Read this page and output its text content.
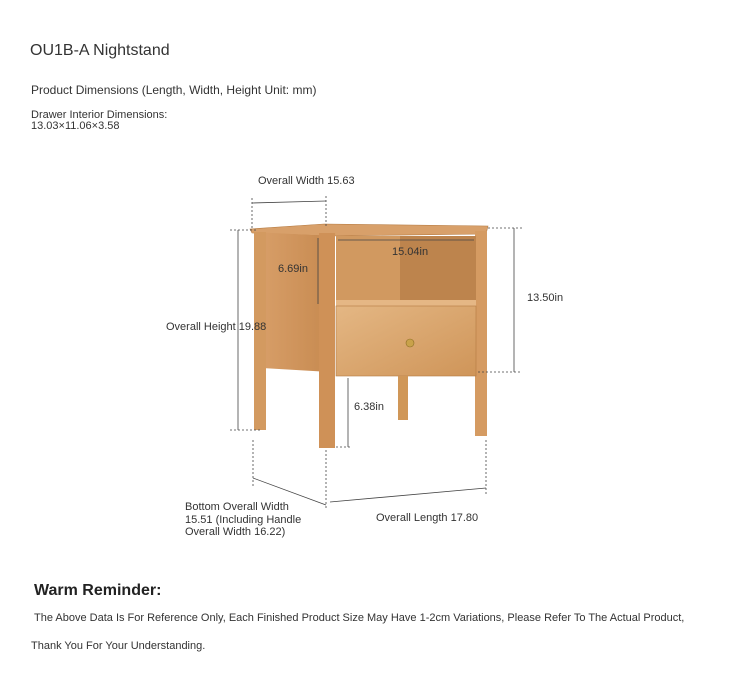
OU1B-A Nightstand
Product Dimensions (Length, Width, Height Unit: mm)
Drawer Interior Dimensions:
13.03×11.06×3.58
Overall Width 15.63
15.04in
6.69in
Overall Height 19.88
13.50in
6.38in
Bottom Overall Width
15.51 (Including Handle
Overall Width 16.22)
Overall Length 17.80
Warm Reminder:
The Above Data Is For Reference Only, Each Finished Product Size May Have 1-2cm Variations, Please Refer To The Actual Product,
Thank You For Your Understanding.
